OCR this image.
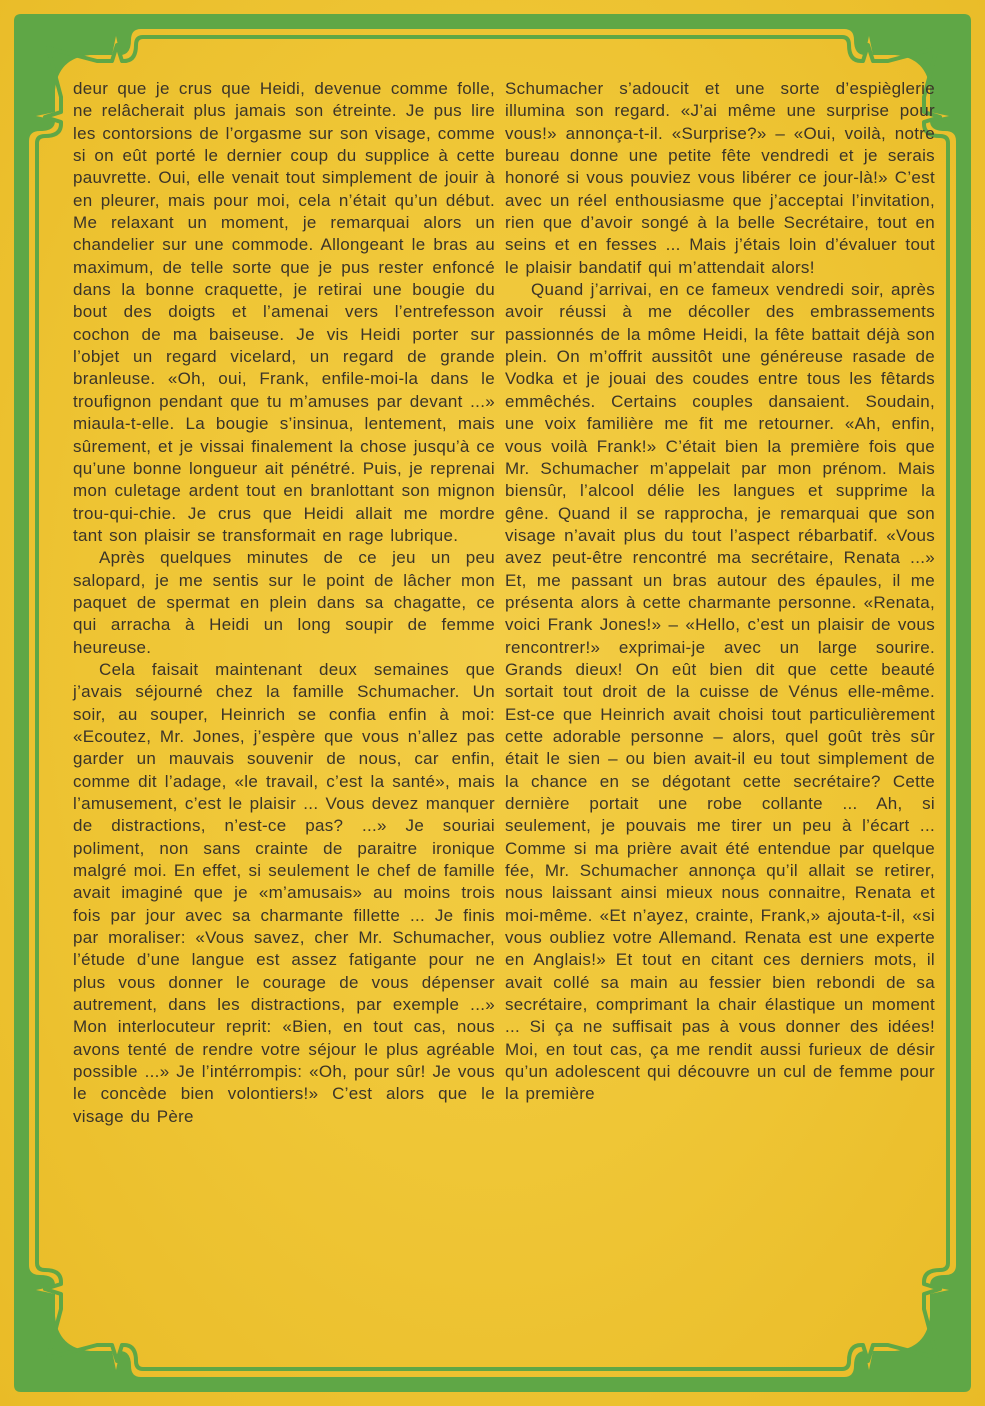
deur que je crus que Heidi, devenue comme folle, ne relâcherait plus jamais son étreinte. Je pus lire les contorsions de l’orgasme sur son visage, comme si on eût porté le dernier coup du supplice à cette pauvrette. Oui, elle venait tout simplement de jouir à en pleurer, mais pour moi, cela n’était qu’un début. Me relaxant un moment, je remarquai alors un chandelier sur une commode. Allongeant le bras au maximum, de telle sorte que je pus rester enfoncé dans la bonne craquette, je retirai une bougie du bout des doigts et l’amenai vers l’entrefesson cochon de ma baiseuse. Je vis Heidi porter sur l’objet un regard vicelard, un regard de grande branleuse. «Oh, oui, Frank, enfile-moi-la dans le troufignon pendant que tu m’amuses par devant ...» miaula-t-elle. La bougie s’insinua, lentement, mais sûrement, et je vissai finalement la chose jusqu’à ce qu’une bonne longueur ait pénétré. Puis, je reprenai mon culetage ardent tout en branlottant son mignon trou-qui-chie. Je crus que Heidi allait me mordre tant son plaisir se transformait en rage lubrique.

Après quelques minutes de ce jeu un peu salopard, je me sentis sur le point de lâcher mon paquet de spermat en plein dans sa chagatte, ce qui arracha à Heidi un long soupir de femme heureuse.

Cela faisait maintenant deux semaines que j’avais séjourné chez la famille Schumacher. Un soir, au souper, Heinrich se confia enfin à moi: «Ecoutez, Mr. Jones, j’espère que vous n’allez pas garder un mauvais souvenir de nous, car enfin, comme dit l’adage, «le travail, c’est la santé», mais l’amusement, c’est le plaisir ... Vous devez manquer de distractions, n’est-ce pas? ...» Je souriai poliment, non sans crainte de paraitre ironique malgré moi. En effet, si seulement le chef de famille avait imaginé que je «m’amusais» au moins trois fois par jour avec sa charmante fillette ... Je finis par moraliser: «Vous savez, cher Mr. Schumacher, l’étude d’une langue est assez fatigante pour ne plus vous donner le courage de vous dépenser autrement, dans les distractions, par exemple ...» Mon interlocuteur reprit: «Bien, en tout cas, nous avons tenté de rendre votre séjour le plus agréable possible ...» Je l’intérrompis: «Oh, pour sûr! Je vous le concède bien volontiers!» C’est alors que le visage du Père

Schumacher s’adoucit et une sorte d’espièglerie illumina son regard. «J’ai même une surprise pour vous!» annonça-t-il. «Surprise?» – «Oui, voilà, notre bureau donne une petite fête vendredi et je serais honoré si vous pouviez vous libérer ce jour-là!» C’est avec un réel enthousiasme que j’acceptai l’invitation, rien que d’avoir songé à la belle Secrétaire, tout en seins et en fesses ... Mais j’étais loin d’évaluer tout le plaisir bandatif qui m’attendait alors!

Quand j’arrivai, en ce fameux vendredi soir, après avoir réussi à me décoller des embrassements passionnés de la môme Heidi, la fête battait déjà son plein. On m’offrit aussitôt une généreuse rasade de Vodka et je jouai des coudes entre tous les fêtards emmêchés. Certains couples dansaient. Soudain, une voix familière me fit me retourner. «Ah, enfin, vous voilà Frank!» C’était bien la première fois que Mr. Schumacher m’appelait par mon prénom. Mais biensûr, l’alcool délie les langues et supprime la gêne. Quand il se rapprocha, je remarquai que son visage n’avait plus du tout l’aspect rébarbatif. «Vous avez peut-être rencontré ma secrétaire, Renata ...» Et, me passant un bras autour des épaules, il me présenta alors à cette charmante personne. «Renata, voici Frank Jones!» – «Hello, c’est un plaisir de vous rencontrer!» exprimai-je avec un large sourire. Grands dieux! On eût bien dit que cette beauté sortait tout droit de la cuisse de Vénus elle-même. Est-ce que Heinrich avait choisi tout particulièrement cette adorable personne – alors, quel goût très sûr était le sien – ou bien avait-il eu tout simplement de la chance en se dégotant cette secrétaire? Cette dernière portait une robe collante ... Ah, si seulement, je pouvais me tirer un peu à l’écart ... Comme si ma prière avait été entendue par quelque fée, Mr. Schumacher annonça qu’il allait se retirer, nous laissant ainsi mieux nous connaitre, Renata et moi-même. «Et n’ayez, crainte, Frank,» ajouta-t-il, «si vous oubliez votre Allemand. Renata est une experte en Anglais!» Et tout en citant ces derniers mots, il avait collé sa main au fessier bien rebondi de sa secrétaire, comprimant la chair élastique un moment ... Si ça ne suffisait pas à vous donner des idées! Moi, en tout cas, ça me rendit aussi furieux de désir qu’un adolescent qui découvre un cul de femme pour la première
